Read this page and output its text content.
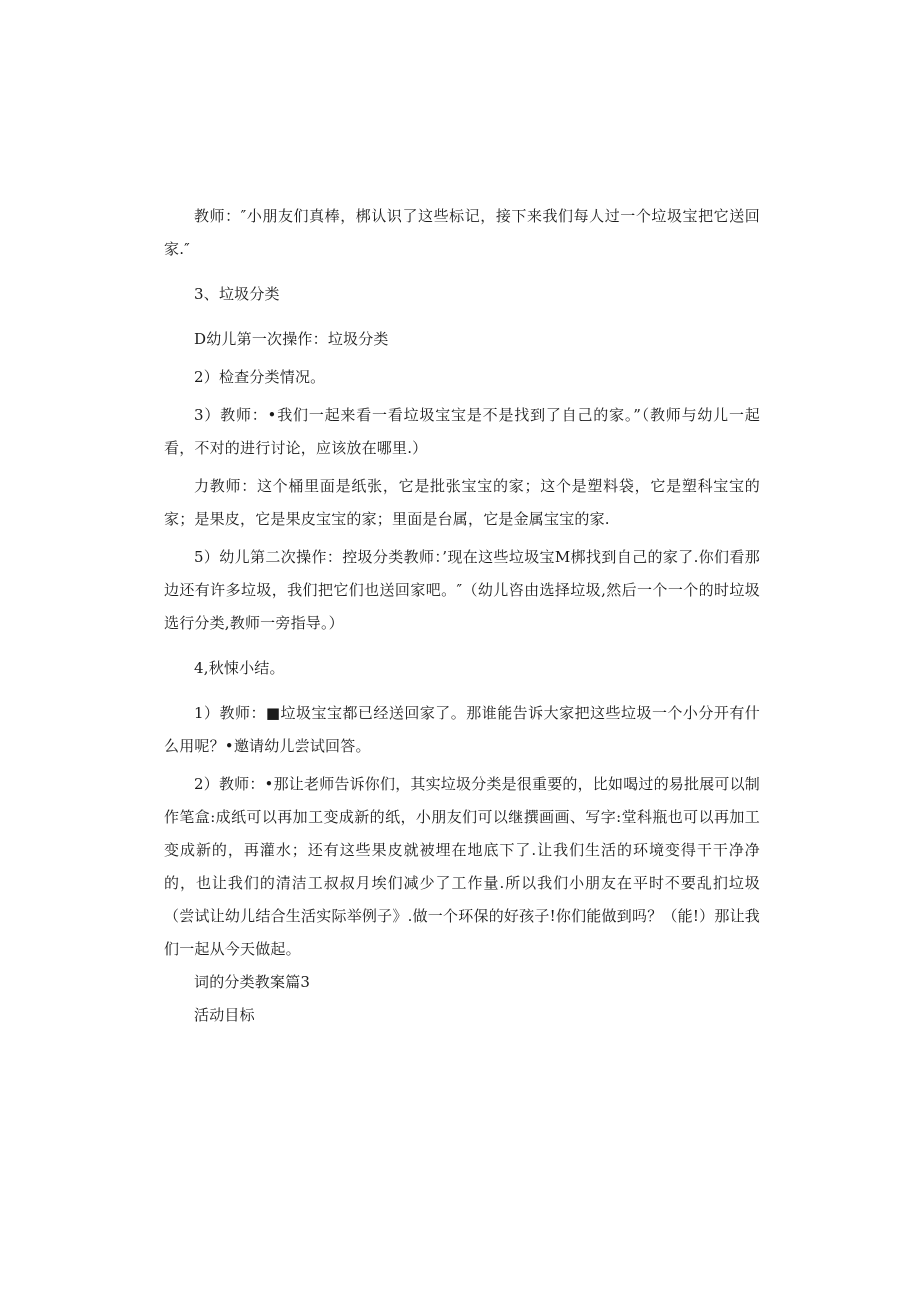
教师：″小朋友们真棒，梆认识了这些标记，接下来我们每人过一个垃圾宝把它送回家.″

3、垃圾分类

D幼儿第一次操作：垃圾分类

2）检查分类情况。

3）教师：•我们一起来看一看垃圾宝宝是不是找到了自己的家。”（教师与幼儿一起看，不对的进行讨论，应该放在哪里.）

力教师：这个桶里面是纸张，它是批张宝宝的家；这个是塑料袋，它是塑科宝宝的家；是果皮，它是果皮宝宝的家；里面是台属，它是金属宝宝的家.

5）幼儿第二次操作：控圾分类教师：’现在这些垃圾宝M梆找到自己的家了.你们看那边还有许多垃圾，我们把它们也送回家吧。″（幼儿咨由选择垃圾,然后一个一个的时垃圾选行分类,教师一旁指导。）

4,秋悚小结。

1）教师：■垃圾宝宝都已经送回家了。那谁能告诉大家把这些垃圾一个小分开有什么用呢？•邀请幼儿尝试回答。

2）教师：•那让老师告诉你们，其实垃圾分类是很重要的，比如喝过的易批展可以制作笔盒:成纸可以再加工变成新的纸，小朋友们可以继撰画画、写字:堂科瓶也可以再加工变成新的，再灌水；还有这些果皮就被埋在地底下了.让我们生活的环境变得干干净净的，也让我们的清洁工叔叔月埃们减少了工作量.所以我们小朋友在平时不要乱扪垃圾（尝试让幼儿结合生活实际举例子》.做一个环保的好孩子!你们能做到吗？（能!）那让我们一起从今天做起。

词的分类教案篇3

活动目标
